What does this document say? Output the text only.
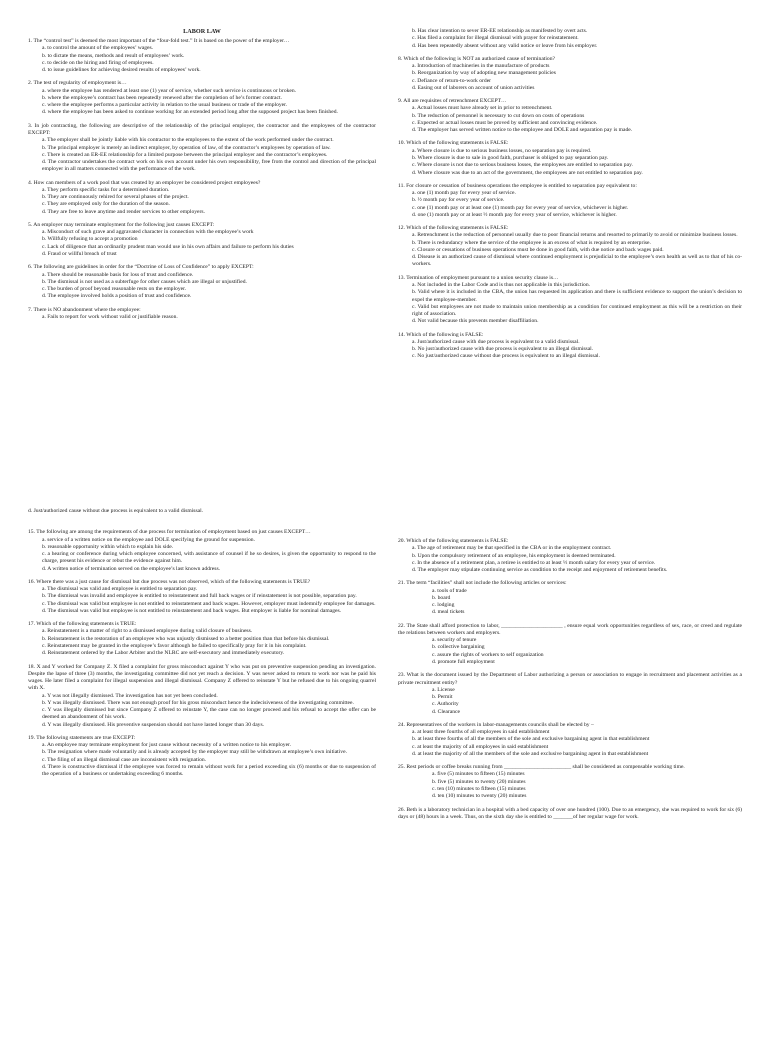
LABOR LAW
1. The “control test” is deemed the most important of the “four-fold test.” It is based on the power of the employer…
a. to control the amount of the employees’ wages.
b. to dictate the means, methods and result of employees’ work.
c. to decide on the hiring and firing of employees.
d. to issue guidelines for achieving desired results of employees’ work.
2. The test of regularity of employment is…
a. where the employee has rendered at least one (1) year of service, whether such service is continuous or broken.
b. where the employee’s contract has been repeatedly renewed after the completion of he’s former contract.
c. where the employee performs a particular activity in relation to the usual business or trade of the employer.
d. where the employee has been asked to continue working for an extended period long after the supposed project has been finished.
3. In job contracting, the following are descriptive of the relationship of the principal employer, the contractor and the employees of the contractor EXCEPT:
a. The employer shall be jointly liable with his contractor to the employees to the extent of the work performed under the contract.
b. The principal employer is merely an indirect employer, by operation of law, of the contractor’s employees by operation of law.
c. There is created an ER-EE relationship for a limited purpose between the principal employer and the contractor’s employees.
d. The contractor undertakes the contract work on his own account under his own responsibility, free from the control and direction of the principal employer in all matters connected with the performance of the work.
4. How can members of a work pool that was created by an employer be considered project employees?
a. They perform specific tasks for a determined duration.
b. They are continuously rehired for several phases of the project.
c. They are employed only for the duration of the season.
d. They are free to leave anytime and render services to other employers.
5. An employer may terminate employment for the following just causes EXCEPT:
a. Misconduct of such grave and aggravated character in connection with the employee’s work
b. Willfully refusing to accept a promotion
c. Lack of diligence that an ordinarily prudent man would use in his own affairs and failure to perform his duties
d. Fraud or willful breach of trust
6. The following are guidelines in order for the “Doctrine of Loss of Confidence” to apply EXCEPT:
a. There should be reasonable basis for loss of trust and confidence.
b. The dismissal is not used as a subterfuge for other causes which are illegal or unjustified.
c. The burden of proof beyond reasonable rests on the employer.
d. The employee involved holds a position of trust and confidence.
7. There is NO abandonment where the employee:
a. Fails to report for work without valid or justifiable reason.
b. Has clear intention to sever ER-EE relationship as manifested by overt acts.
c. Has filed a complaint for illegal dismissal with prayer for reinstatement.
d. Has been repeatedly absent without any valid notice or leave from his employer.
8. Which of the following is NOT an authorized cause of termination?
a. Introduction of machineries in the manufacture of products
b. Reorganization by way of adopting new management policies
c. Defiance of return-to-work order
d. Easing out of laborers on account of union activities
9. All are requisites of retrenchment EXCEPT…
a. Actual losses must have already set in prior to retrenchment.
b. The reduction of personnel is necessary to cut down on costs of operations
c. Expected or actual losses must be proved by sufficient and convincing evidence.
d. The employer has served written notice to the employee and DOLE and separation pay is made.
10. Which of the following statements is FALSE:
a. Where closure is due to serious business losses, no separation pay is required.
b. Where closure is due to sale in good faith, purchaser is obliged to pay separation pay.
c. Where closure is not due to serious business losses, the employees are entitled to separation pay.
d. Where closure was due to an act of the government, the employees are not entitled to separation pay.
11. For closure or cessation of business operations the employee is entitled to separation pay equivalent to:
a. one (1) month pay for every year of service.
b. ½ month pay for every year of service.
c. one (1) month pay or at least one (1) month pay for every year of service, whichever is higher.
d. one (1) month pay or at least ½ month pay for every year of service, whichever is higher.
12. Which of the following statements is FALSE:
a. Retrenchment is the reduction of personnel usually due to poor financial returns and resorted to primarily to avoid or minimize business losses.
b. There is redundancy where the service of the employee is an excess of what is required by an enterprise.
c. Closure or cessations of business operations must be done in good faith, with due notice and back wages paid.
d. Disease is an authorized cause of dismissal where continued employment is prejudicial to the employee’s own health as well as to that of his co-workers.
13. Termination of employment pursuant to a union security clause is…
a. Not included in the Labor Code and is thus not applicable in this jurisdiction.
b. Valid where it is included in the CBA, the union has requested its application and there is sufficient evidence to support the union’s decision to expel the employee-member.
c. Valid but employees are not made to maintain union membership as a condition for continued employment as this will be a restriction on their right of association.
d. Not valid because this prevents member disaffiliation.
14. Which of the following is FALSE:
a. Just/authorized cause with due process is equivalent to a valid dismissal.
b. No just/authorized cause with due process is equivalent to an illegal dismissal.
c. No just/authorized cause without due process is equivalent to an illegal dismissal.
d. Just/authorized cause without due process is equivalent to a valid dismissal.
15. The following are among the requirements of due process for termination of employment based on just causes EXCEPT…
a. service of a written notice on the employee and DOLE specifying the ground for suspension.
b. reasonable opportunity within which to explain his side.
c. a hearing or conference during which employee concerned, with assistance of counsel if he so desires, is given the opportunity to respond to the charge, present his evidence or rebut the evidence against him.
d. A written notice of termination served on the employee’s last known address.
16. Where there was a just cause for dismissal but due process was not observed, which of the following statements is TRUE?
a. The dismissal was valid and employee is entitled to separation pay.
b. The dismissal was invalid and employee is entitled to reinstatement and full back wages or if reinstatement is not possible, separation pay.
c. The dismissal was valid but employee is not entitled to reinstatement and back wages. However, employer must indemnify employee for damages.
d. The dismissal was valid but employee is not entitled to reinstatement and back wages. But employer is liable for nominal damages.
17. Which of the following statements is TRUE:
a. Reinstatement is a matter of right to a dismissed employee during valid closure of business.
b. Reinstatement is the restoration of an employee who was unjustly dismissed to a better position than that before his dismissal.
c. Reinstatement may be granted in the employee’s favor although he failed to specifically pray for it in his complaint.
d. Reinstatement ordered by the Labor Arbiter and the NLRC are self-executory and immediately executory.
18. X and Y worked for Company Z. X filed a complaint for gross misconduct against Y who was put on preventive suspension pending an investigation. Despite the lapse of three (3) months, the investigating committee did not yet reach a decision. Y was never asked to return to work nor was he paid his wages. He later filed a complaint for illegal suspension and illegal dismissal. Company Z offered to reinstate Y but he refused due to his ongoing quarrel with X.
a. Y was not illegally dismissed. The investigation has not yet been concluded.
b. Y was illegally dismissed. There was not enough proof for his gross misconduct hence the indecisiveness of the investigating committee.
c. Y was illegally dismissed but since Company Z offered to reinstate Y, the case can no longer proceed and his refusal to accept the offer can be deemed an abandonment of his work.
d. Y was illegally dismissed. His preventive suspension should not have lasted longer than 30 days.
19. The following statements are true EXCEPT:
a. An employee may terminate employment for just cause without necessity of a written notice to his employer.
b. The resignation where made voluntarily and is already accepted by the employer may still be withdrawn at employee’s own initiative.
c. The filing of an illegal dismissal case are inconsistent with resignation.
d. There is constructive dismissal if the employee was forced to remain without work for a period exceeding six (6) months or due to suspension of the operation of a business or undertaking exceeding 6 months.
20. Which of the following statements is FALSE:
a. The age of retirement may be that specified in the CBA or in the employment contract.
b. Upon the compulsory retirement of an employee, his employment is deemed terminated.
c. In the absence of a retirement plan, a retiree is entitled to at least ½ month salary for every year of service.
d. The employer may stipulate continuing service as condition to the receipt and enjoyment of retirement benefits.
21. The term “facilities” shall not include the following articles or services:
a. tools of trade
b. board
c. lodging
d. meal tickets
22. The State shall afford protection to labor, ______________________ , ensure equal work opportunities regardless of sex, race, or creed and regulate the relations between workers and employers.
a. security of tenure
b. collective bargaining
c. assure the rights of workers to self organization
d. promote full employment
23. What is the document issued by the Department of Labor authorizing a person or association to engage in recruitment and placement activities as a private recruitment entity?
a. License
b. Permit
c. Authority
d. Clearance
24. Representatives of the workers in labor-managements councils shall be elected by –
a. at least three fourths of all employees in said establishment
b. at least three fourths of all the members of the sole and exclusive bargaining agent in that establishment
c. at least the majority of all employees in said establishment
d. at least the majority of all the members of the sole and exclusive bargaining agent in that establishment
25. Rest periods or coffee breaks running from ________________________ shall be considered as compensable working time.
a. five (5) minutes to fifteen (15) minutes
b. five (5) minutes to twenty (20) minutes
c. ten (10) minutes to fifteen (15) minutes
d. ten (10) minutes to twenty (20) minutes
26. Beth is a laboratory technician in a hospital with a bed capacity of over one hundred (100). Due to an emergency, she was required to work for six (6) days or (48) hours in a week. Thus, on the sixth day she is entitled to _______of her regular wage for work.
